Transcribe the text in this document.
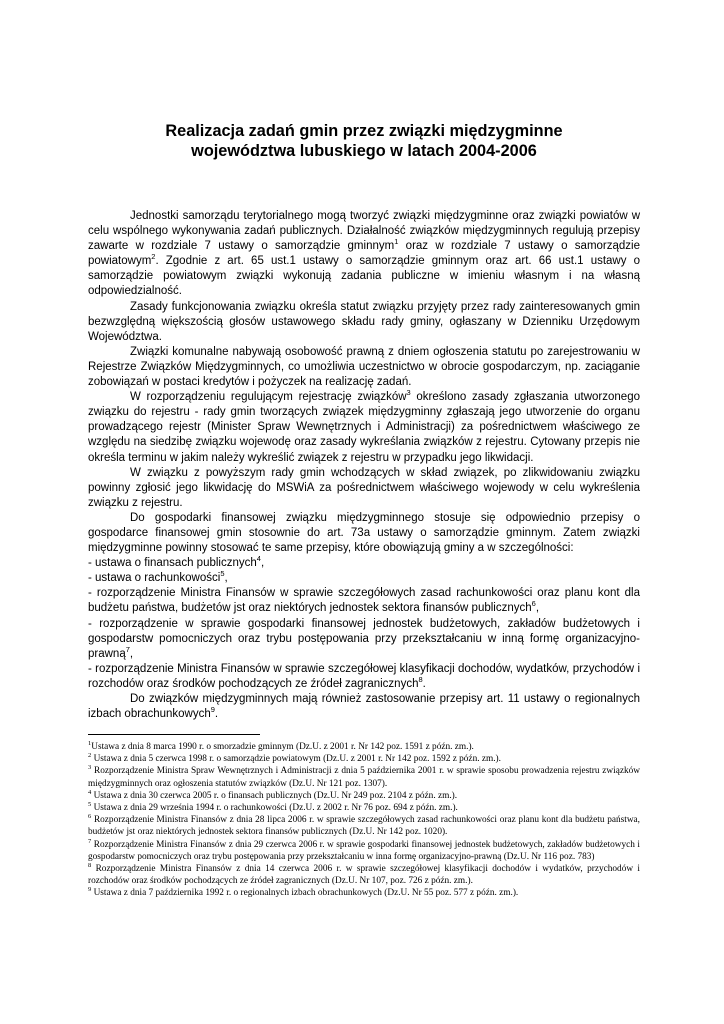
Realizacja zadań gmin przez związki międzygminne
województwa lubuskiego w latach 2004-2006

Jednostki samorządu terytorialnego mogą tworzyć związki międzygminne oraz związki powiatów w celu wspólnego wykonywania zadań publicznych. Działalność związków międzygminnych regulują przepisy zawarte w rozdziale 7 ustawy o samorządzie gminnym$^1$ oraz w rozdziale 7 ustawy o samorządzie powiatowym$^2$. Zgodnie z art. 65 ust.1 ustawy o samorządzie gminnym oraz art. 66 ust.1 ustawy o samorządzie powiatowym związki wykonują zadania publiczne w imieniu własnym i na własną odpowiedzialność.

Zasady funkcjonowania związku określa statut związku przyjęty przez rady zainteresowanych gmin bezwzględną większością głosów ustawowego składu rady gminy, ogłaszany w Dzienniku Urzędowym Województwa.

Związki komunalne nabywają osobowość prawną z dniem ogłoszenia statutu po zarejestrowaniu w Rejestrze Związków Międzygminnych, co umożliwia uczestnictwo w obrocie gospodarczym, np. zaciąganie zobowiązań w postaci kredytów i pożyczek na realizację zadań.

W rozporządzeniu regulującym rejestrację związków$^3$ określono zasady zgłaszania utworzonego związku do rejestru - rady gmin tworzących związek międzygminny zgłaszają jego utworzenie do organu prowadzącego rejestr (Minister Spraw Wewnętrznych i Administracji) za pośrednictwem właściwego ze względu na siedzibę związku wojewodę oraz zasady wykreślania związków z rejestru. Cytowany przepis nie określa terminu w jakim należy wykreślić związek z rejestru w przypadku jego likwidacji.

W związku z powyższym rady gmin wchodzących w skład związek, po zlikwidowaniu związku powinny zgłosić jego likwidację do MSWiA za pośrednictwem właściwego wojewody w celu wykreślenia związku z rejestru.

Do gospodarki finansowej związku międzygminnego stosuje się odpowiednio przepisy o gospodarce finansowej gmin stosownie do art. 73a ustawy o samorządzie gminnym. Zatem związki międzygminne powinny stosować te same przepisy, które obowiązują gminy a w szczególności:

- ustawa o finansach publicznych$^4$,

- ustawa o rachunkowości$^5$,

- rozporządzenie Ministra Finansów w sprawie szczegółowych zasad rachunkowości oraz planu kont dla budżetu państwa, budżetów jst oraz niektórych jednostek sektora finansów publicznych$^6$,

- rozporządzenie w sprawie gospodarki finansowej jednostek budżetowych, zakładów budżetowych i gospodarstw pomocniczych oraz trybu postępowania przy przekształcaniu w inną formę organizacyjno-prawną$^7$,

- rozporządzenie Ministra Finansów w sprawie szczegółowej klasyfikacji dochodów, wydatków, przychodów i rozchodów oraz środków pochodzących ze źródeł zagranicznych$^8$.

Do związków międzygminnych mają również zastosowanie przepisy art. 11 ustawy o regionalnych izbach obrachunkowych$^9$.

$^1$Ustawa z dnia 8 marca 1990 r. o smorzadzie gminnym (Dz.U. z 2001 r. Nr 142 poz. 1591 z późn. zm.).

$^2$ Ustawa z dnia 5 czerwca 1998 r. o samorządzie powiatowym (Dz.U. z 2001 r. Nr 142 poz. 1592 z późn. zm.).

$^3$ Rozporządzenie Ministra Spraw Wewnętrznych i Administracji z dnia 5 października 2001 r. w sprawie sposobu prowadzenia rejestru związków międzygminnych oraz ogłoszenia statutów związków (Dz.U. Nr 121 poz. 1307).

$^4$ Ustawa z dnia 30 czerwca 2005 r. o finansach publicznych (Dz.U. Nr 249 poz. 2104 z późn. zm.).

$^5$ Ustawa z dnia 29 września 1994 r. o rachunkowości (Dz.U. z 2002 r. Nr 76 poz. 694 z późn. zm.).

$^6$ Rozporządzenie Ministra Finansów z dnia 28 lipca 2006 r. w sprawie szczegółowych zasad rachunkowości oraz planu kont dla budżetu państwa, budżetów jst oraz niektórych jednostek sektora finansów publicznych (Dz.U. Nr 142 poz. 1020).

$^7$ Rozporządzenie Ministra Finansów z dnia 29 czerwca 2006 r. w sprawie gospodarki finansowej jednostek budżetowych, zakładów budżetowych i gospodarstw pomocniczych oraz trybu postępowania przy przekształcaniu w inna formę organizacyjno-prawną (Dz.U. Nr 116 poz. 783)

$^8$ Rozporządzenie Ministra Finansów z dnia 14 czerwca 2006 r. w sprawie szczegółowej klasyfikacji dochodów i wydatków, przychodów i rozchodów oraz środków pochodzących ze źródeł zagranicznych (Dz.U. Nr 107, poz. 726 z późn. zm.).

$^9$ Ustawa z dnia 7 października 1992 r. o regionalnych izbach obrachunkowych (Dz.U. Nr 55 poz. 577 z późn. zm.).
